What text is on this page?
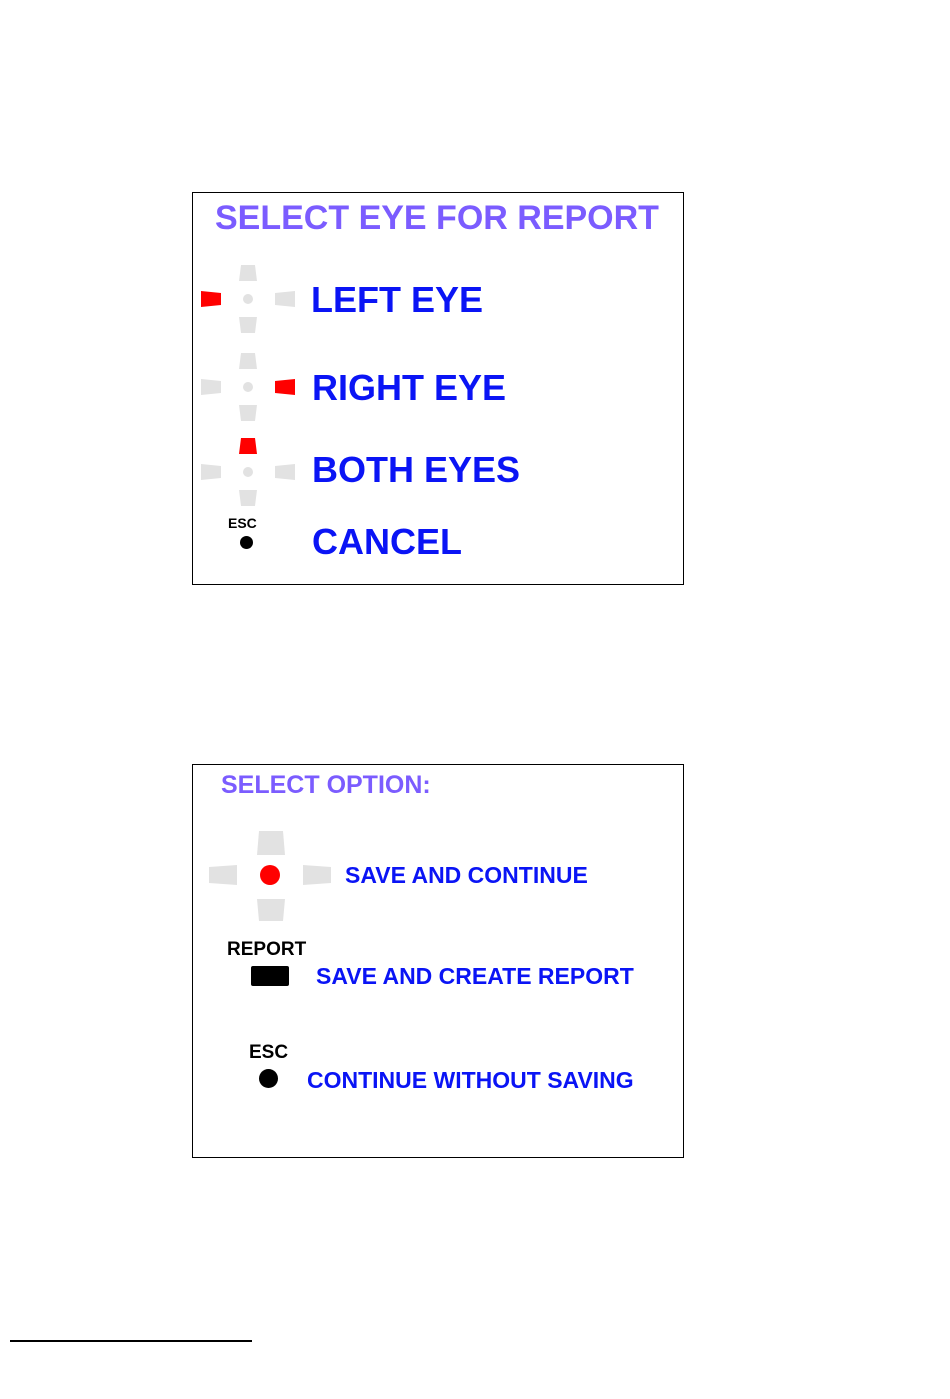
SELECT EYE FOR REPORT
LEFT EYE
RIGHT EYE
BOTH EYES
ESC CANCEL
SELECT OPTION:
SAVE AND CONTINUE
REPORT
SAVE AND CREATE REPORT
ESC
CONTINUE WITHOUT SAVING
